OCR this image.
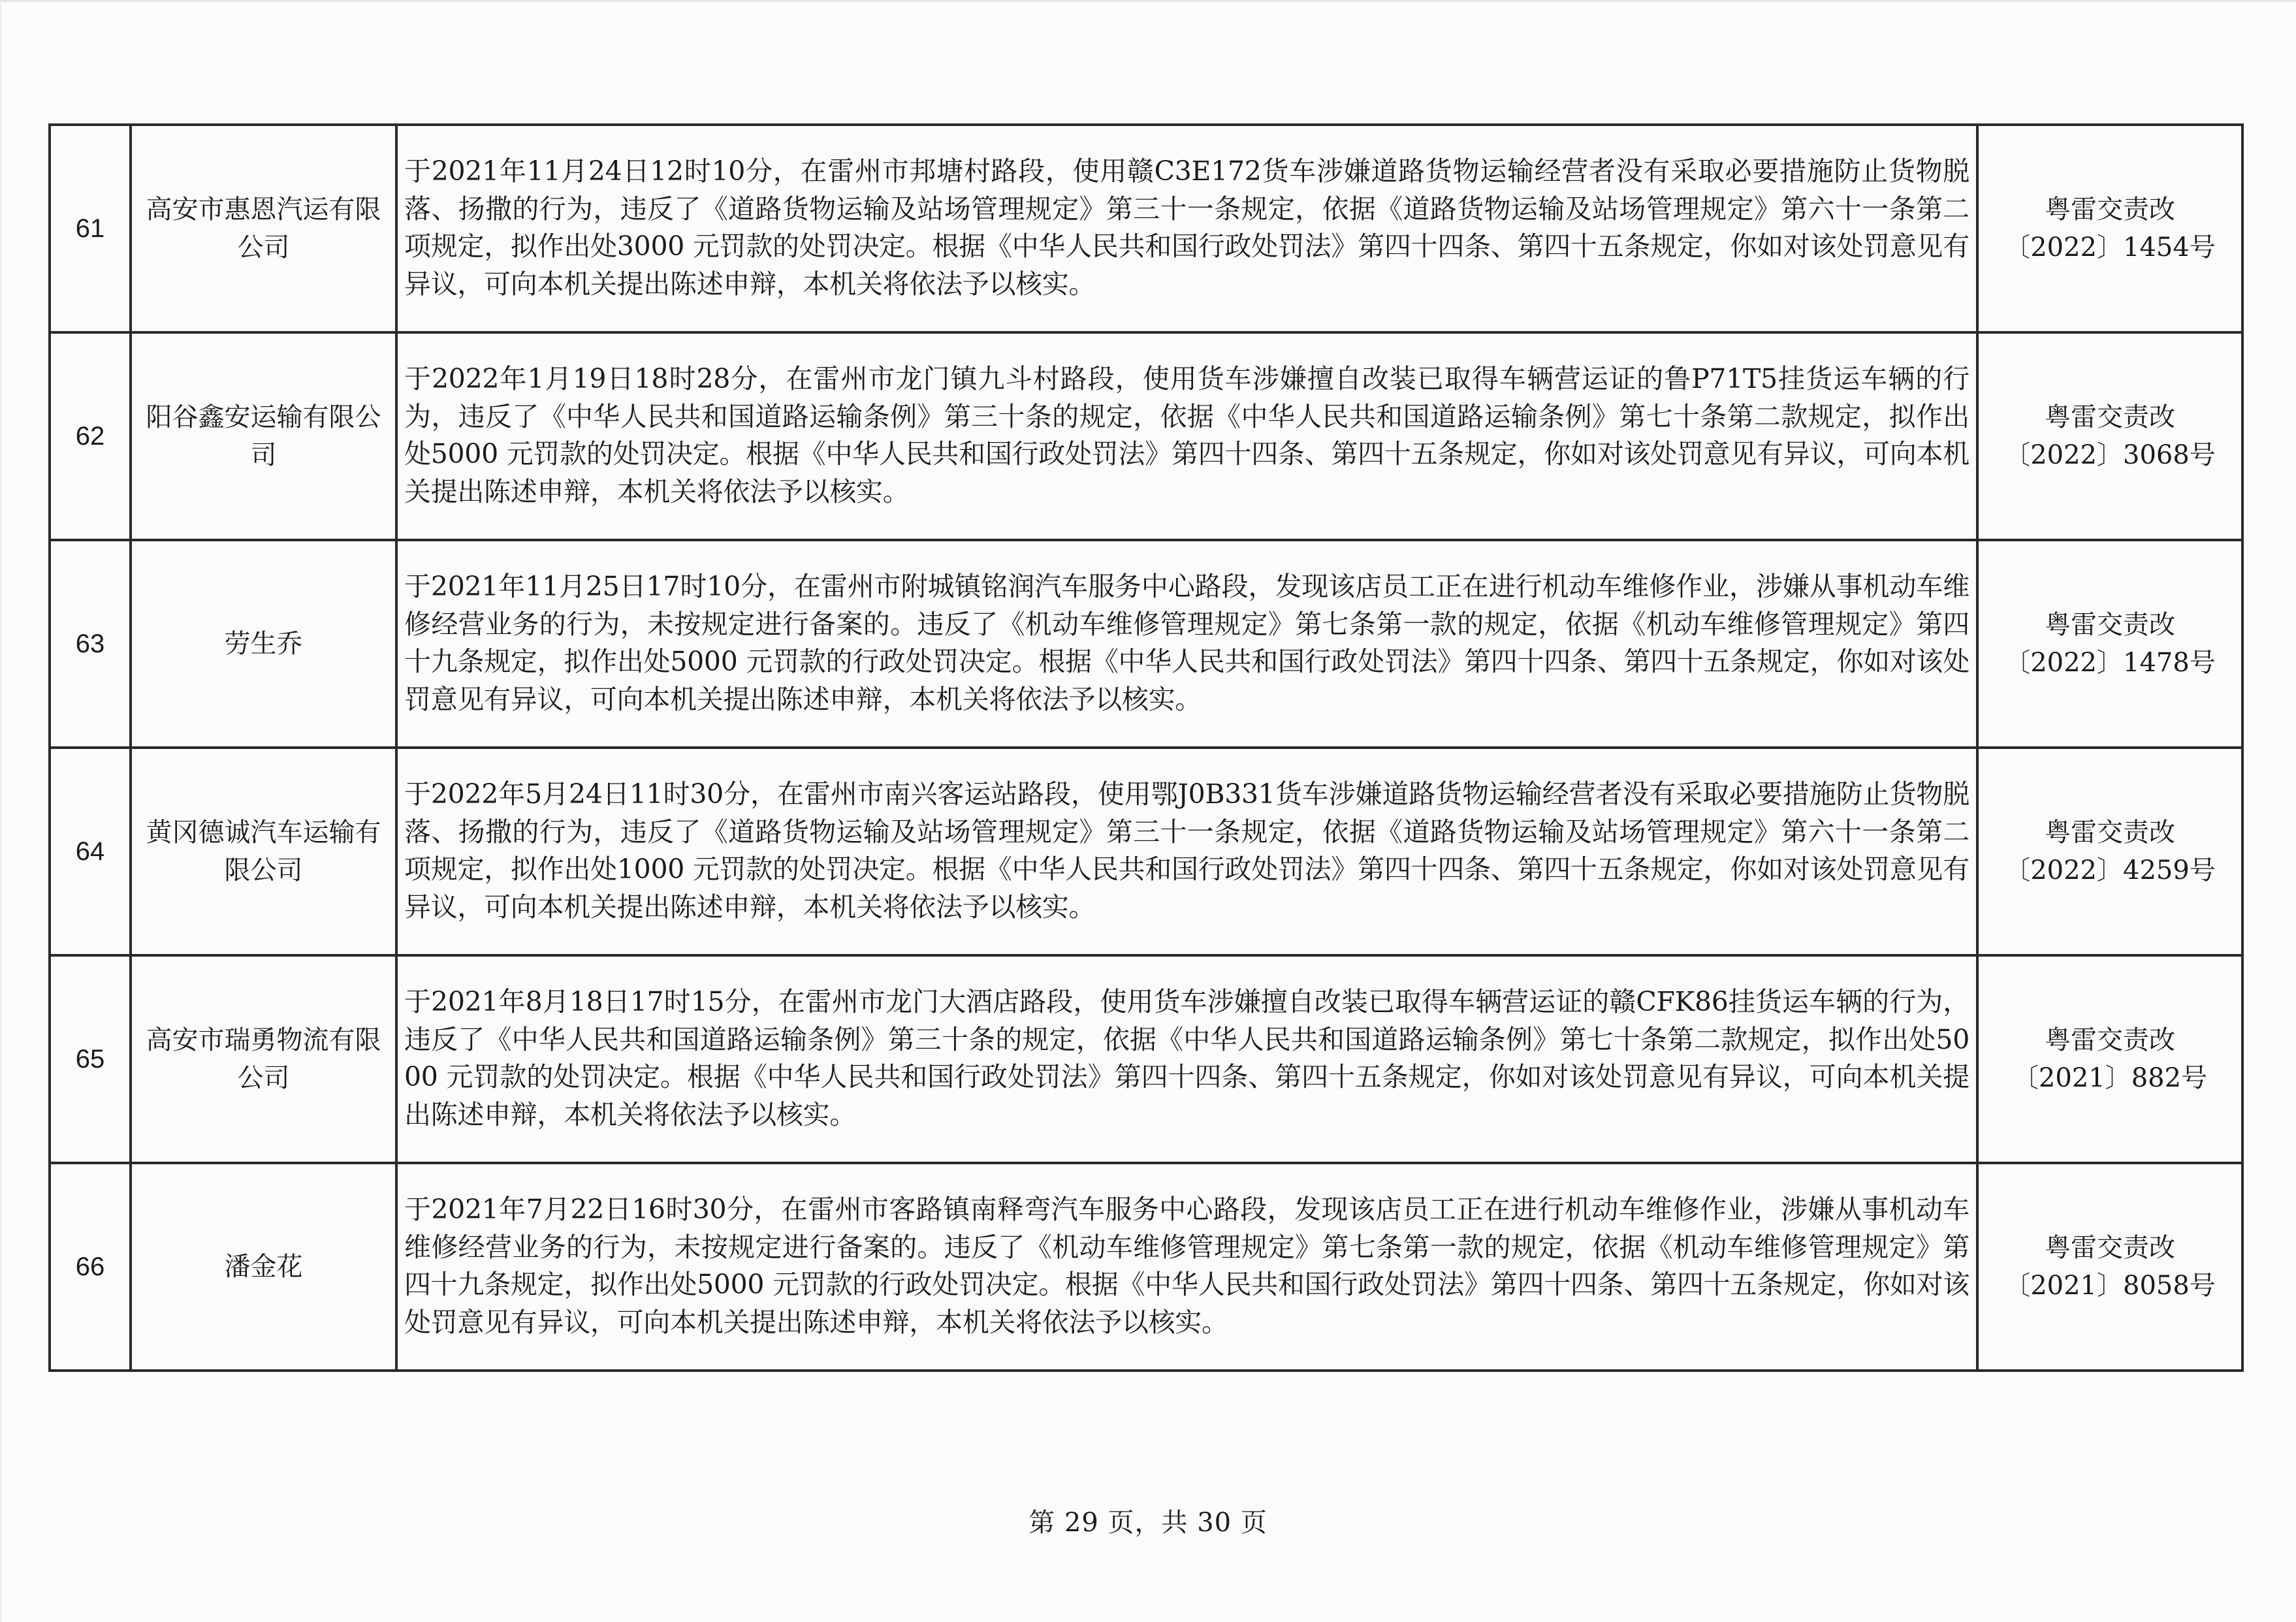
61	高安市惠恩汽运有限公司	于2021年11月24日12时10分，在雷州市邦塘村路段，使用赣C3E172货车涉嫌道路货物运输经营者没有采取必要措施防止货物脱落、扬撒的行为，违反了《道路货物运输及站场管理规定》第三十一条规定，依据《道路货物运输及站场管理规定》第六十一条第二项规定，拟作出处3000 元罚款的处罚决定。根据《中华人民共和国行政处罚法》第四十四条、第四十五条规定，你如对该处罚意见有异议，可向本机关提出陈述申辩，本机关将依法予以核实。	粤雷交责改
〔2022〕1454号

62	阳谷鑫安运输有限公司	于2022年1月19日18时28分，在雷州市龙门镇九斗村路段，使用货车涉嫌擅自改装已取得车辆营运证的鲁P71T5挂货运车辆的行为，违反了《中华人民共和国道路运输条例》第三十条的规定，依据《中华人民共和国道路运输条例》第七十条第二款规定，拟作出处5000 元罚款的处罚决定。根据《中华人民共和国行政处罚法》第四十四条、第四十五条规定，你如对该处罚意见有异议，可向本机关提出陈述申辩，本机关将依法予以核实。	粤雷交责改
〔2022〕3068号

63	劳生乔	于2021年11月25日17时10分，在雷州市附城镇铭润汽车服务中心路段，发现该店员工正在进行机动车维修作业，涉嫌从事机动车维修经营业务的行为，未按规定进行备案的。违反了《机动车维修管理规定》第七条第一款的规定，依据《机动车维修管理规定》第四十九条规定，拟作出处5000 元罚款的行政处罚决定。根据《中华人民共和国行政处罚法》第四十四条、第四十五条规定，你如对该处罚意见有异议，可向本机关提出陈述申辩，本机关将依法予以核实。	粤雷交责改
〔2022〕1478号

64	黄冈德诚汽车运输有限公司	于2022年5月24日11时30分，在雷州市南兴客运站路段，使用鄂J0B331货车涉嫌道路货物运输经营者没有采取必要措施防止货物脱落、扬撒的行为，违反了《道路货物运输及站场管理规定》第三十一条规定，依据《道路货物运输及站场管理规定》第六十一条第二项规定，拟作出处1000 元罚款的处罚决定。根据《中华人民共和国行政处罚法》第四十四条、第四十五条规定，你如对该处罚意见有异议，可向本机关提出陈述申辩，本机关将依法予以核实。	粤雷交责改
〔2022〕4259号

65	高安市瑞勇物流有限公司	于2021年8月18日17时15分，在雷州市龙门大酒店路段，使用货车涉嫌擅自改装已取得车辆营运证的赣CFK86挂货运车辆的行为，违反了《中华人民共和国道路运输条例》第三十条的规定，依据《中华人民共和国道路运输条例》第七十条第二款规定，拟作出处5000 元罚款的处罚决定。根据《中华人民共和国行政处罚法》第四十四条、第四十五条规定，你如对该处罚意见有异议，可向本机关提出陈述申辩，本机关将依法予以核实。	粤雷交责改
〔2021〕882号

66	潘金花	于2021年7月22日16时30分，在雷州市客路镇南释弯汽车服务中心路段，发现该店员工正在进行机动车维修作业，涉嫌从事机动车维修经营业务的行为，未按规定进行备案的。违反了《机动车维修管理规定》第七条第一款的规定，依据《机动车维修管理规定》第四十九条规定，拟作出处5000 元罚款的行政处罚决定。根据《中华人民共和国行政处罚法》第四十四条、第四十五条规定，你如对该处罚意见有异议，可向本机关提出陈述申辩，本机关将依法予以核实。	粤雷交责改
〔2021〕8058号
第 29 页，共 30 页
